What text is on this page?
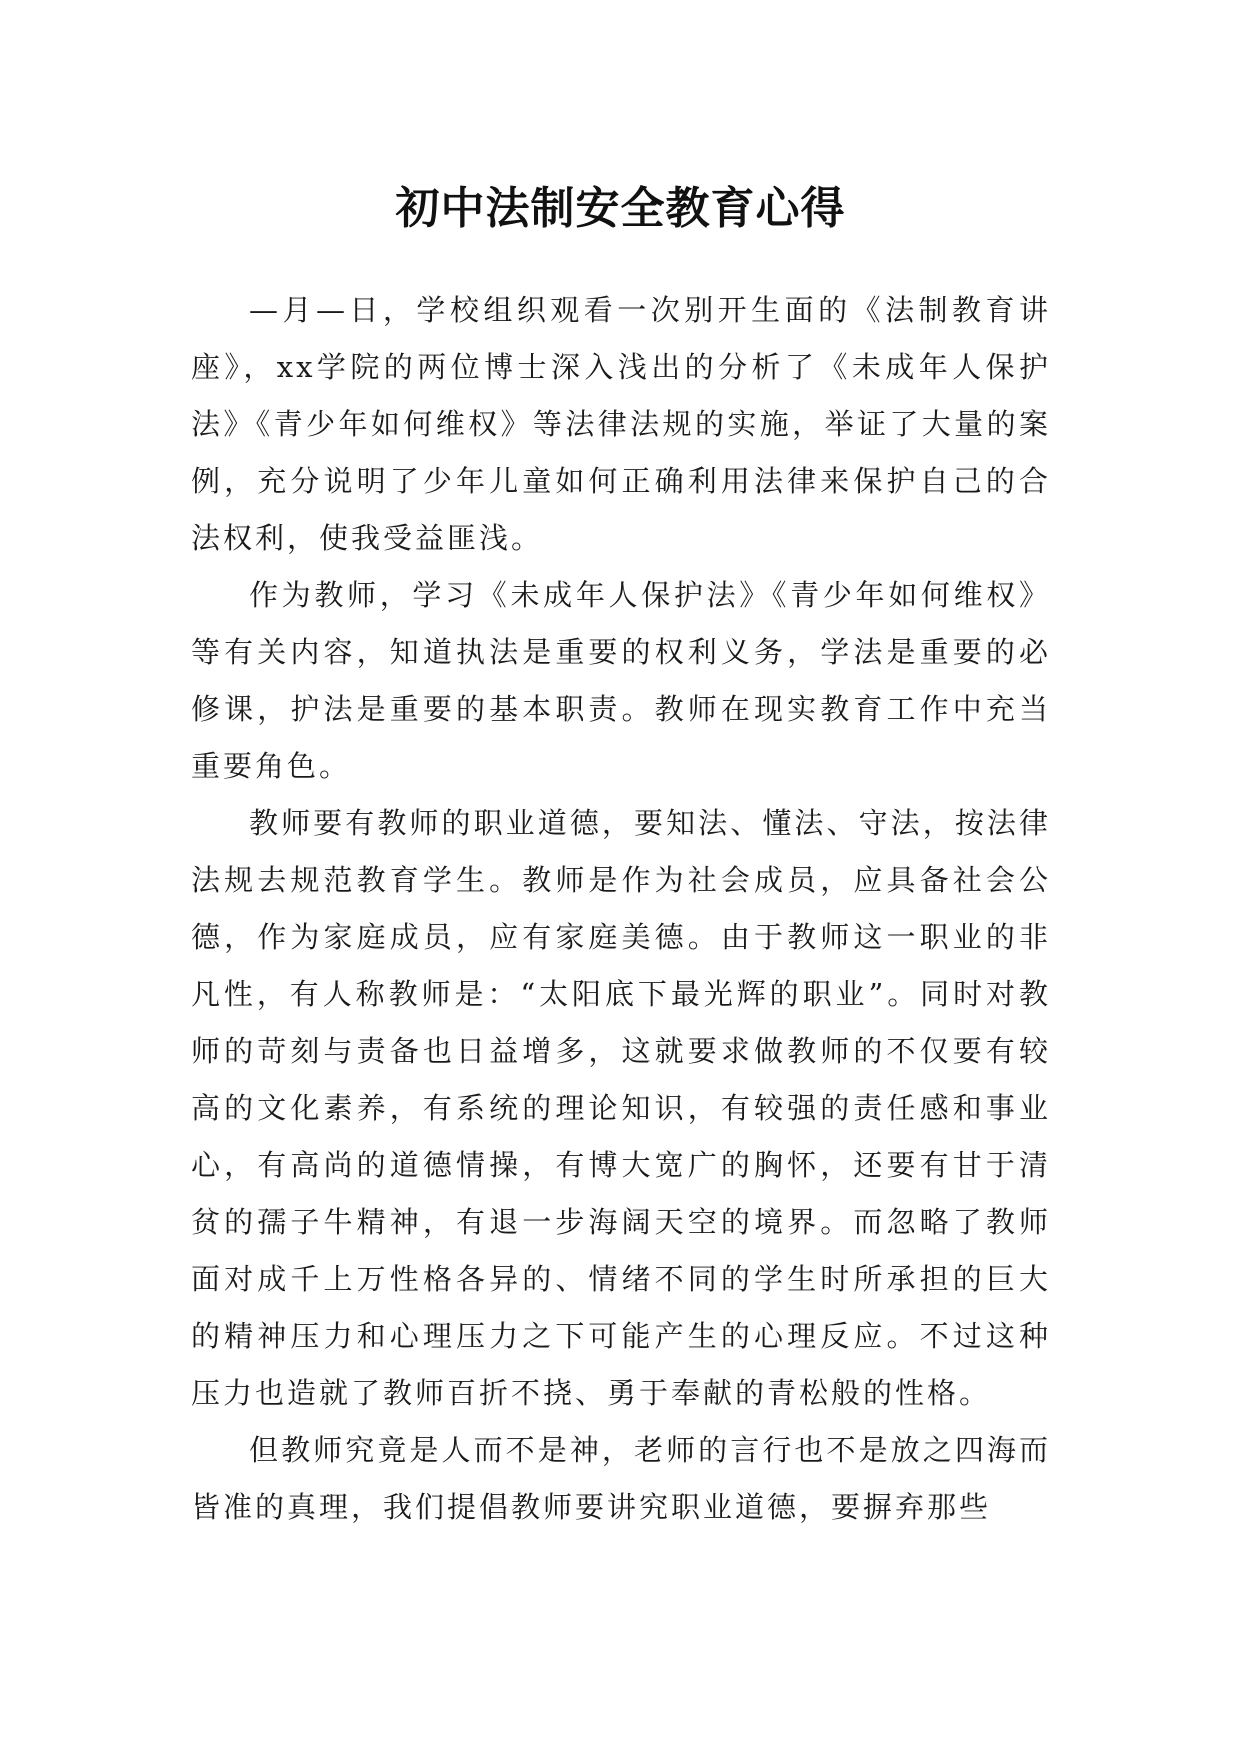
初中法制安全教育心得

—月—日，学校组织观看一次别开生面的《法制教育讲座》，xx学院的两位博士深入浅出的分析了《未成年人保护法》《青少年如何维权》等法律法规的实施，举证了大量的案例，充分说明了少年儿童如何正确利用法律来保护自己的合法权利，使我受益匪浅。

作为教师，学习《未成年人保护法》《青少年如何维权》等有关内容，知道执法是重要的权利义务，学法是重要的必修课，护法是重要的基本职责。教师在现实教育工作中充当重要角色。

教师要有教师的职业道德，要知法、懂法、守法，按法律法规去规范教育学生。教师是作为社会成员，应具备社会公德，作为家庭成员，应有家庭美德。由于教师这一职业的非凡性，有人称教师是：“太阳底下最光辉的职业”。同时对教师的苛刻与责备也日益增多，这就要求做教师的不仅要有较高的文化素养，有系统的理论知识，有较强的责任感和事业心，有高尚的道德情操，有博大宽广的胸怀，还要有甘于清贫的孺子牛精神，有退一步海阔天空的境界。而忽略了教师面对成千上万性格各异的、情绪不同的学生时所承担的巨大的精神压力和心理压力之下可能产生的心理反应。不过这种压力也造就了教师百折不挠、勇于奉献的青松般的性格。

但教师究竟是人而不是神，老师的言行也不是放之四海而皆准的真理，我们提倡教师要讲究职业道德，要摒弃那些
